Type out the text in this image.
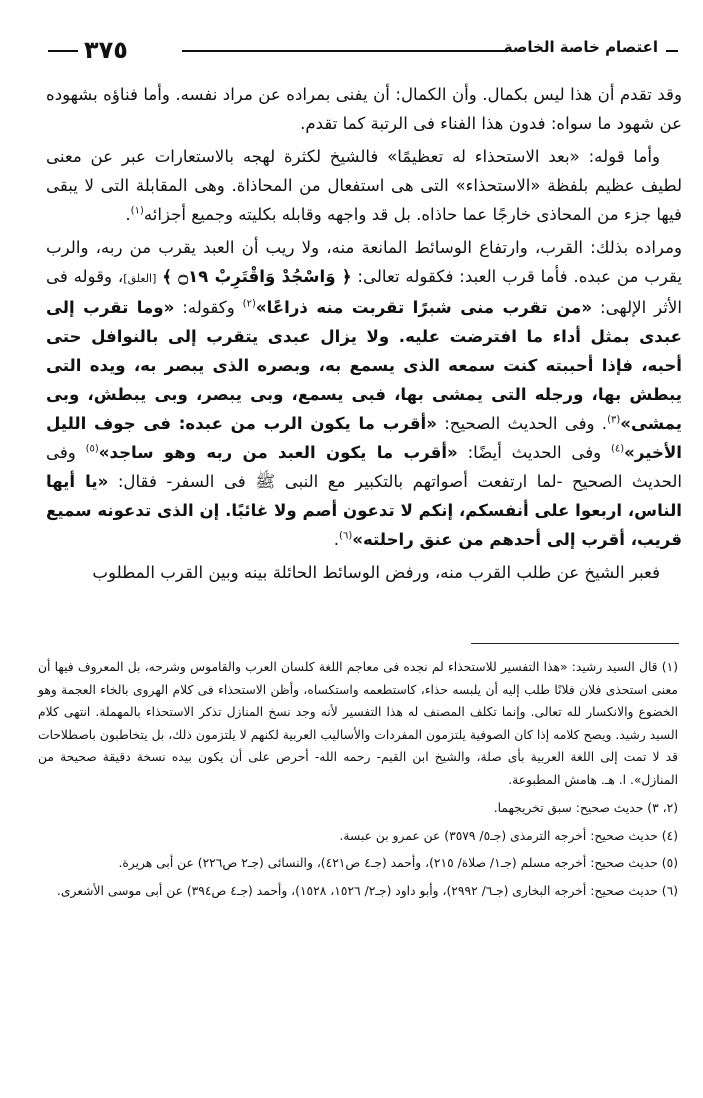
٣٧٥	اعتصام خاصة الخاصة

وقد تقدم أن هذا ليس بكمال. وأن الكمال: أن يفنى بمراده عن مراد نفسه. وأما فناؤه بشهوده عن شهود ما سواه: فدون هذا الفناء فى الرتبة كما تقدم.

وأما قوله: «بعد الاستحذاء له تعظيمًا» فالشيخ لكثرة لهجه بالاستعارات عبر عن معنى لطيف عظيم بلفظة «الاستحذاء» التى هى استفعال من المحاذاة. وهى المقابلة التى لا يبقى فيها جزء من المحاذى خارجًا عما حاذاه. بل قد واجهه وقابله بكليته وجميع أجزائه$^{(١)}$.

ومراده بذلك: القرب، وارتفاع الوسائط المانعة منه، ولا ريب أن العبد يقرب من ربه، والرب يقرب من عبده. فأما قرب العبد: فكقوله تعالى: ﴿ وَاسْجُدْ وَاقْتَرِبْ ۝١٩ ﴾ [العلق]، وقوله فى الأثر الإلهى: «من تقرب منى شبرًا تقربت منه ذراعًا»$^{(٢)}$ وكقوله: «وما تقرب إلى عبدى بمثل أداء ما افترضت عليه. ولا يزال عبدى يتقرب إلى بالنوافل حتى أحبه، فإذا أحببته كنت سمعه الذى يسمع به، وبصره الذى يبصر به، ويده التى يبطش بها، ورجله التى يمشى بها، فبى يسمع، وبى يبصر، وبى يبطش، وبى يمشى»$^{(٣)}$. وفى الحديث الصحيح: «أقرب ما يكون الرب من عبده: فى جوف الليل الأخير»$^{(٤)}$ وفى الحديث أيضًا: «أقرب ما يكون العبد من ربه وهو ساجد»$^{(٥)}$ وفى الحديث الصحيح -لما ارتفعت أصواتهم بالتكبير مع النبى ﷺ فى السفر- فقال: «يا أيها الناس، اربعوا على أنفسكم، إنكم لا تدعون أصم ولا غائبًا. إن الذى تدعونه سميع قريب، أقرب إلى أحدهم من عنق راحلته»$^{(٦)}$.

فعبر الشيخ عن طلب القرب منه، ورفض الوسائط الحائلة بينه وبين القرب المطلوب

(١) قال السيد رشيد: «هذا التفسير للاستحذاء لم نجده فى معاجم اللغة كلسان العرب والقاموس وشرحه، بل المعروف فيها أن معنى استحذى فلان فلانًا طلب إليه أن يلبسه حذاء، كاستطعمه واستكساه، وأظن الاستحذاء فى كلام الهروى بالخاء العجمة وهو الخضوع والانكسار لله تعالى. وإنما تكلف المصنف له هذا التفسير لأنه وجد نسخ المنازل تذكر الاستحذاء بالمهملة. انتهى كلام السيد رشيد. ويصح كلامه إذا كان الصوفية يلتزمون المفردات والأساليب العربية لكنهم لا يلتزمون ذلك، بل يتخاطبون باصطلاحات قد لا تمت إلى اللغة العربية بأى صلة، والشيخ ابن القيم- رحمه الله- أحرص على أن يكون بيده نسخة دقيقة صحيحة من المنازل». ا. هـ. هامش المطبوعة.

(٢، ٣) حديث صحيح: سبق تخريجهما.

(٤) حديث صحيح: أخرجه الترمذى (جـ٥/ ٣٥٧٩) عن عمرو بن عبسة.

(٥) حديث صحيح: أخرجه مسلم (جـ١/ صلاة/ ٢١٥)، وأحمد (جـ٤ ص٤٢١)، والنسائى (جـ٢ ص٢٢٦) عن أبى هريرة.

(٦) حديث صحيح: أخرجه البخارى (جـ٦/ ٢٩٩٢)، وأبو داود (جـ٢/ ١٥٢٦، ١٥٢٨)، وأحمد (جـ٤ ص٣٩٤) عن أبى موسى الأشعرى.
